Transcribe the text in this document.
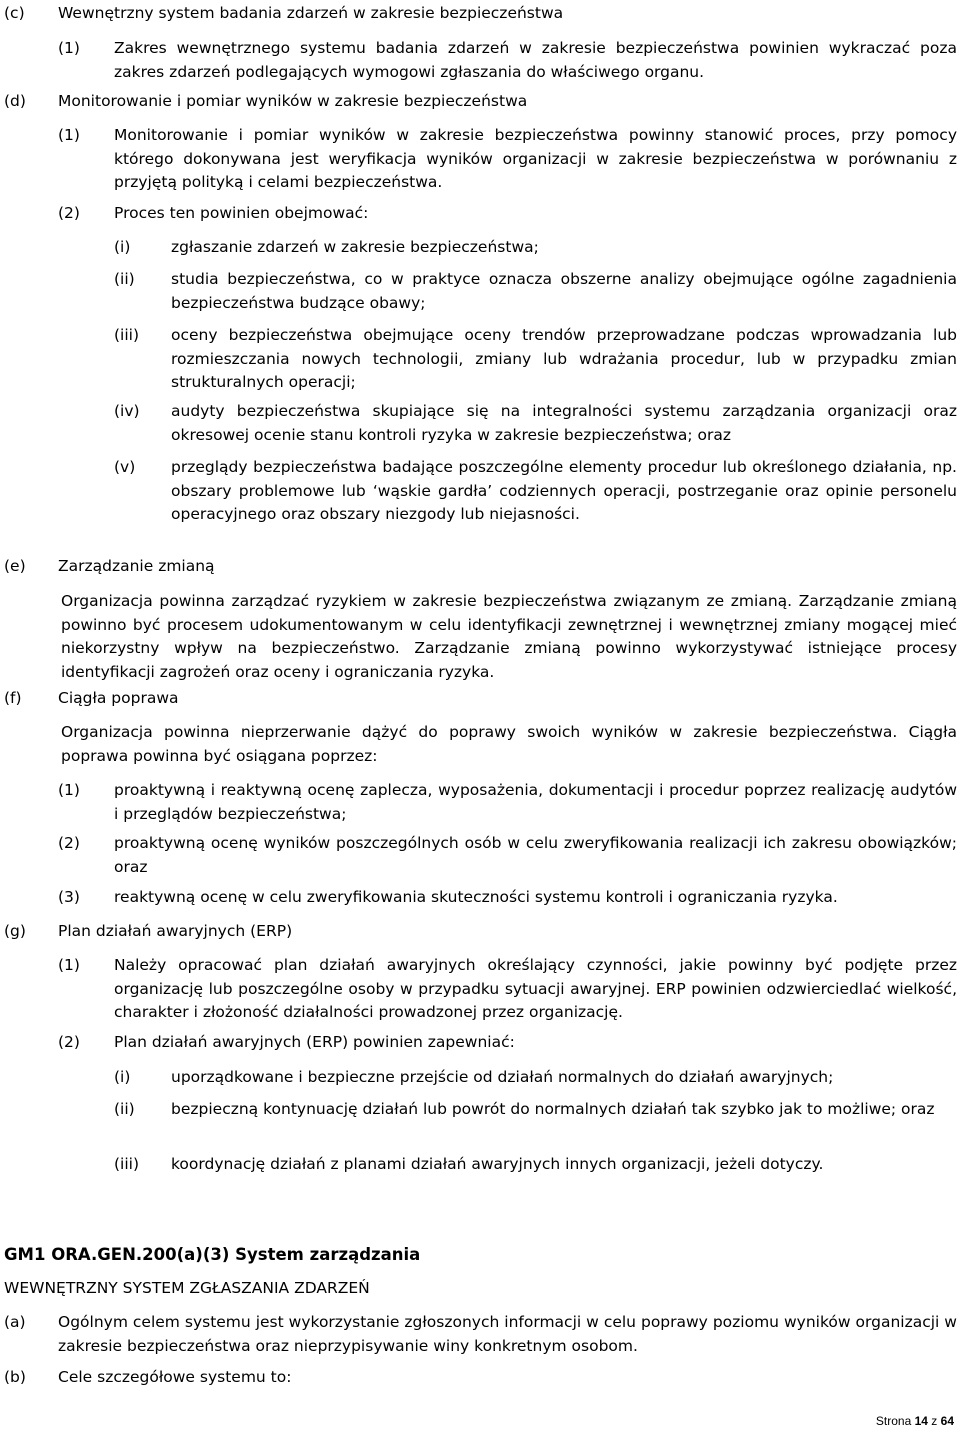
(c) Wewnętrzny system badania zdarzeń w zakresie bezpieczeństwa
(1) Zakres wewnętrznego systemu badania zdarzeń w zakresie bezpieczeństwa powinien wykraczać poza zakres zdarzeń podlegających wymogowi zgłaszania do właściwego organu.
(d) Monitorowanie i pomiar wyników w zakresie bezpieczeństwa
(1) Monitorowanie i pomiar wyników w zakresie bezpieczeństwa powinny stanowić proces, przy pomocy którego dokonywana jest weryfikacja wyników organizacji w zakresie bezpieczeństwa w porównaniu z przyjętą polityką i celami bezpieczeństwa.
(2) Proces ten powinien obejmować:
(i)	zgłaszanie zdarzeń w zakresie bezpieczeństwa;
(ii) studia bezpieczeństwa, co w praktyce oznacza obszerne analizy obejmujące ogólne zagadnienia bezpieczeństwa budzące obawy;
(iii) oceny bezpieczeństwa obejmujące oceny trendów przeprowadzane podczas wprowadzania lub rozmieszczania nowych technologii, zmiany lub wdrażania procedur, lub w przypadku zmian strukturalnych operacji;
(iv) audyty bezpieczeństwa skupiające się na integralności systemu zarządzania organizacji oraz okresowej ocenie stanu kontroli ryzyka w zakresie bezpieczeństwa; oraz
(v) przeglądy bezpieczeństwa badające poszczególne elementy procedur lub określonego działania, np. obszary problemowe lub ‘wąskie gardła’ codziennych operacji, postrzeganie oraz opinie personelu operacyjnego oraz obszary niezgody lub niejasności.
(e) Zarządzanie zmianą
Organizacja powinna zarządzać ryzykiem w zakresie bezpieczeństwa związanym ze zmianą. Zarządzanie zmianą powinno być procesem udokumentowanym w celu identyfikacji zewnętrznej i wewnętrznej zmiany mogącej mieć niekorzystny wpływ na bezpieczeństwo. Zarządzanie zmianą powinno wykorzystywać istniejące procesy identyfikacji zagrożeń oraz oceny i ograniczania ryzyka.
(f) Ciągła poprawa
Organizacja powinna nieprzerwanie dążyć do poprawy swoich wyników w zakresie bezpieczeństwa. Ciągła poprawa powinna być osiągana poprzez:
(1) proaktywną i reaktywną ocenę zaplecza, wyposażenia, dokumentacji i procedur poprzez realizację audytów i przeglądów bezpieczeństwa;
(2) proaktywną ocenę wyników poszczególnych osób w celu zweryfikowania realizacji ich zakresu obowiązków; oraz
(3) reaktywną ocenę w celu zweryfikowania skuteczności systemu kontroli i ograniczania ryzyka.
(g) Plan działań awaryjnych (ERP)
(1) Należy opracować plan działań awaryjnych określający czynności, jakie powinny być podjęte przez organizację lub poszczególne osoby w przypadku sytuacji awaryjnej. ERP powinien odzwierciedlać wielkość, charakter i złożoność działalności prowadzonej przez organizację.
(2) Plan działań awaryjnych (ERP) powinien zapewniać:
(i)	uporządkowane i bezpieczne przejście od działań normalnych do działań awaryjnych;
(ii) bezpieczną kontynuację działań lub powrót do normalnych działań tak szybko jak to możliwe; oraz
(iii) koordynację działań z planami działań awaryjnych innych organizacji, jeżeli dotyczy.
GM1 ORA.GEN.200(a)(3) System zarządzania
WEWNĘTRZNY SYSTEM ZGŁASZANIA ZDARZEŃ
(a) Ogólnym celem systemu jest wykorzystanie zgłoszonych informacji w celu poprawy poziomu wyników organizacji w zakresie bezpieczeństwa oraz nieprzypisywanie winy konkretnym osobom.
(b) Cele szczegółowe systemu to:
Strona 14 z 64
